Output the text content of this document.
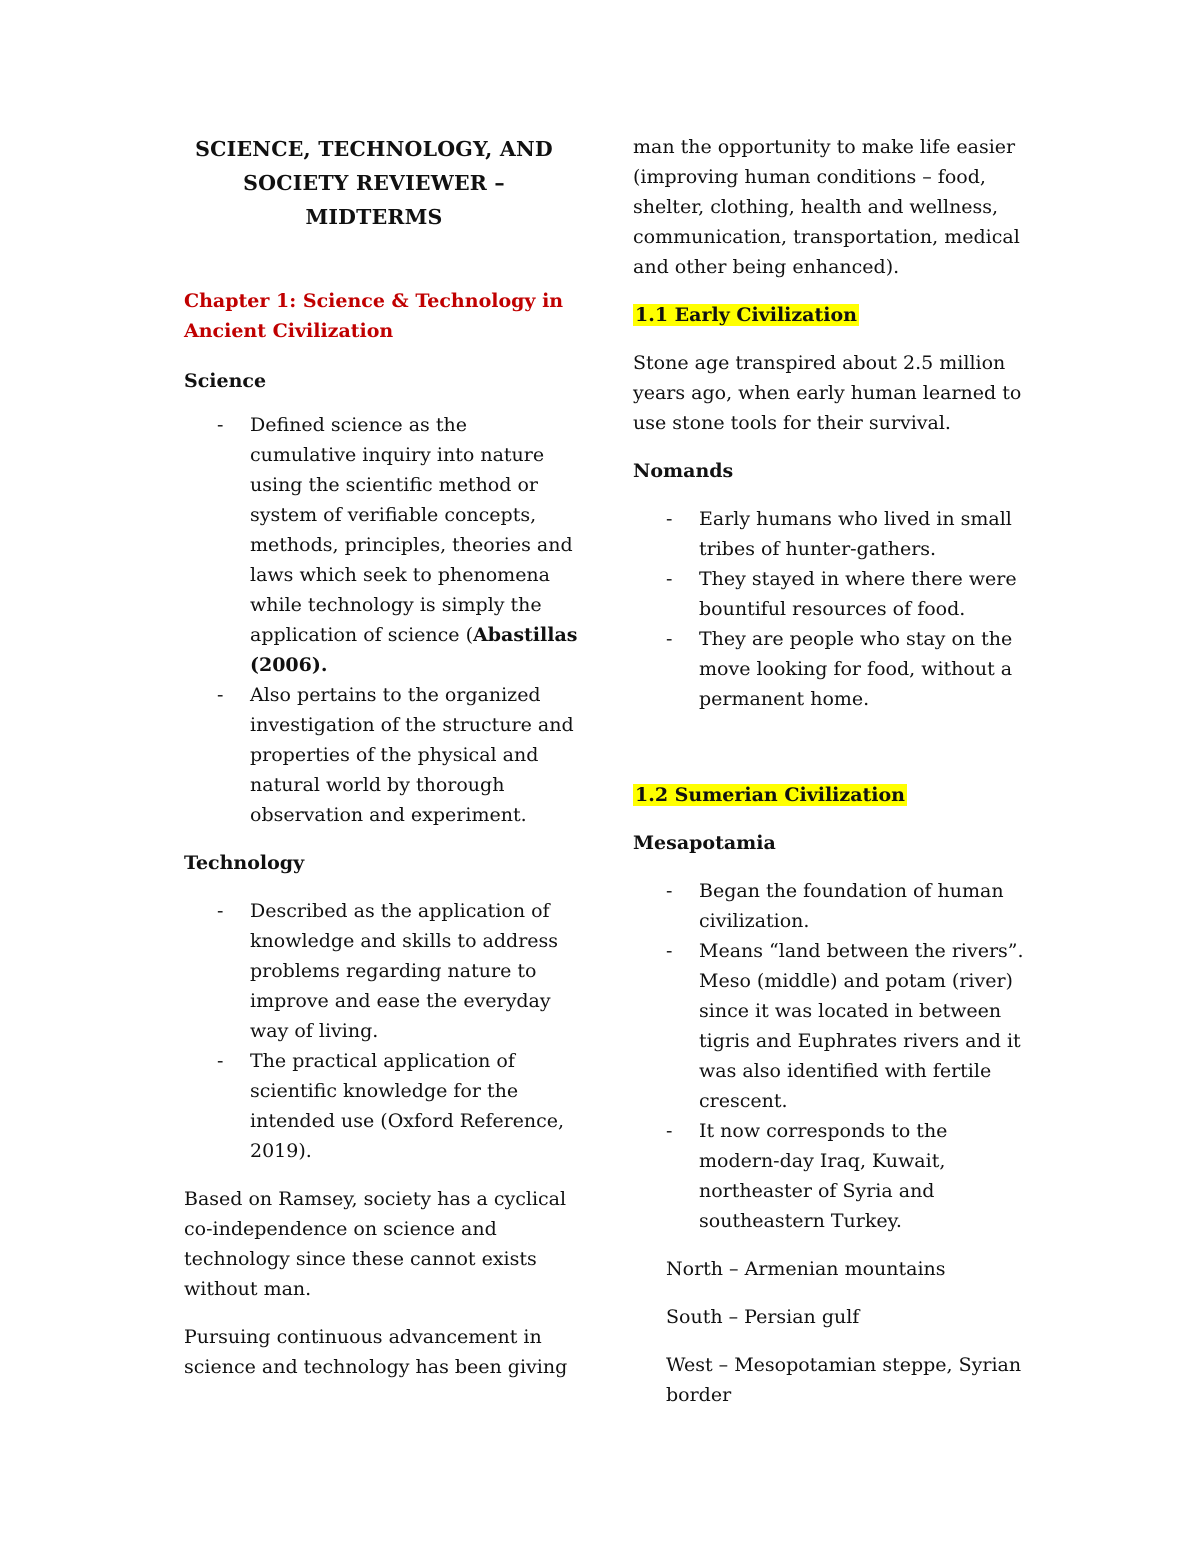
SCIENCE, TECHNOLOGY, AND
SOCIETY REVIEWER –
MIDTERMS
Chapter 1: Science & Technology in
Ancient Civilization

Science

- Defined science as the
cumulative inquiry into nature
using the scientific method or
system of verifiable concepts,
methods, principles, theories and
laws which seek to phenomena
while technology is simply the
application of science (Abastillas
(2006).
- Also pertains to the organized
investigation of the structure and
properties of the physical and
natural world by thorough
observation and experiment.

Technology

- Described as the application of
knowledge and skills to address
problems regarding nature to
improve and ease the everyday
way of living.
- The practical application of
scientific knowledge for the
intended use (Oxford Reference,
2019).
Based on Ramsey, society has a cyclical
co-independence on science and
technology since these cannot exists
without man.
Pursuing continuous advancement in
science and technology has been giving
man the opportunity to make life easier
(improving human conditions – food,
shelter, clothing, health and wellness,
communication, transportation, medical
and other being enhanced).

1.1 Early Civilization

Stone age transpired about 2.5 million
years ago, when early human learned to
use stone tools for their survival.

Nomands

- Early humans who lived in small
tribes of hunter-gathers.
- They stayed in where there were
bountiful resources of food.
- They are people who stay on the
move looking for food, without a
permanent home.

1.2 Sumerian Civilization

Mesapotamia

- Began the foundation of human
civilization.
- Means “land between the rivers”.
Meso (middle) and potam (river)
since it was located in between
tigris and Euphrates rivers and it
was also identified with fertile
crescent.
- It now corresponds to the
modern-day Iraq, Kuwait,
northeaster of Syria and
southeastern Turkey.

North – Armenian mountains

South – Persian gulf

West – Mesopotamian steppe, Syrian
border
